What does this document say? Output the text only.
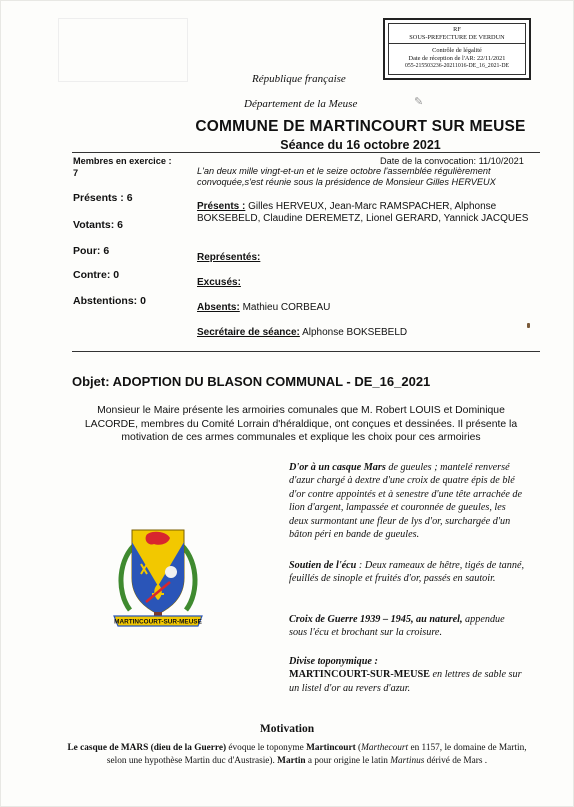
RF
SOUS-PREFECTURE DE VERDUN
Contrôle de légalité
Date de réception de l'AR: 22/11/2021
055-215503236-20211016-DE_16_2021-DE
République française
Département de la Meuse	✎
COMMUNE DE MARTINCOURT SUR MEUSE
Séance du 16 octobre 2021
Membres en exercice :
7
Présents : 6
Votants: 6
Pour: 6
Contre: 0
Abstentions: 0
Date de la convocation: 11/10/2021
L'an deux mille vingt-et-un et le seize octobre l'assemblée régulièrement convoquée,s'est réunie sous la présidence de Monsieur Gilles HERVEUX
Présents : Gilles HERVEUX, Jean-Marc RAMSPACHER, Alphonse BOKSEBELD, Claudine DEREMETZ, Lionel GERARD, Yannick JACQUES
Représentés:
Excusés:
Absents: Mathieu CORBEAU
Secrétaire de séance: Alphonse BOKSEBELD
Objet: ADOPTION DU BLASON COMMUNAL - DE_16_2021
Monsieur le Maire présente les armoiries comunales que M. Robert LOUIS et Dominique LACORDE, membres du Comité Lorrain d'héraldique, ont conçues et dessinées. Il présente la motivation de ces armes communales et explique les choix pour ces armoiries
D'or à un casque Mars de gueules ; mantelé renversé d'azur chargé à dextre d'une croix de quatre épis de blé d'or contre appointés et à senestre d'une tête arrachée de lion d'argent, lampassée et couronnée de gueules, les deux surmontant une fleur de lys d'or, surchargée d'un bâton péri en bande de gueules.
Soutien de l'écu : Deux rameaux de hêtre, tigés de tanné, feuillés de sinople et fruités d'or, passés en sautoir.
Croix de Guerre 1939 – 1945, au naturel, appendue sous l'écu et brochant sur la croisure.
Divise toponymique :
MARTINCOURT-SUR-MEUSE en lettres de sable sur un listel d'or au revers d'azur.
MARTINCOURT-SUR-MEUSE
Motivation
Le casque de MARS (dieu de la Guerre) évoque le toponyme Martincourt (Marthecourt en 1157, le domaine de Martin, selon une hypothèse Martin duc d'Austrasie). Martin a pour origine le latin Martinus dérivé de Mars .
